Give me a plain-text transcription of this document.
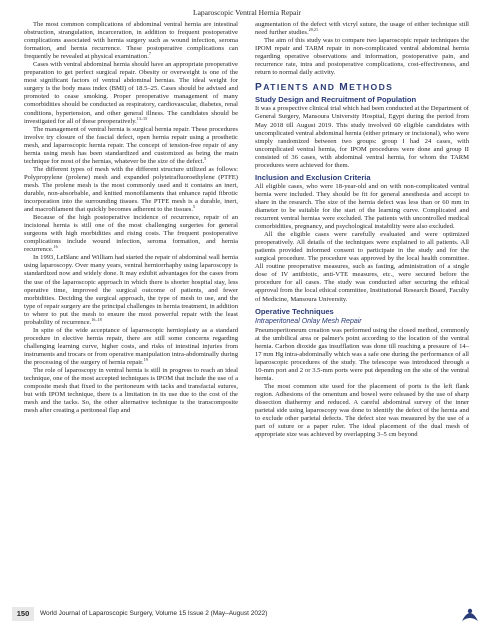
Laparoscopic Ventral Hernia Repair

The most common complications of abdominal ventral hernia are intestinal obstruction, strangulation, incarceration, in addition to frequent postoperative complications associated with hernia surgery such as wound infection, seroma formation, and hernia recurrence. These postoperative complications can frequently be revealed at physical examination.$^7$

Cases with ventral abdominal hernia should have an appropriate preoperative preparation to get perfect surgical repair. Obesity or overweight is one of the most significant factors of ventral abdominal hernias. The ideal weight for surgery is the body mass index (BMI) of 18.5–25. Cases should be advised and promoted to cease smoking. Proper preoperative management of many comorbidities should be conducted as respiratory, cardiovascular, diabetes, renal conditions, hypertension, and other general illness. The candidates should be investigated for all of these preoperatively.$^{13-15}$

The management of ventral hernia is surgical hernia repair. These procedures involve try closure of the fascial defect, open hernia repair using a prosthetic mesh, and laparoscopic hernia repair. The concept of tension-free repair of any hernia using mesh has been standardized and customized as being the main technique for most of the hernias, whatever be the size of the defect.$^5$

The different types of mesh with the different structure utilized as follows: Polypropylene (prolene) mesh and expanded polytetrafluoroethylene (PTFE) mesh. The prolene mesh is the most commonly used and it contains an inert, durable, non-absorbable, and knitted monofilaments that enhance rapid fibrotic incorporation into the surrounding tissues. The PTFE mesh is a durable, inert, and macrofilament that quickly becomes adherent to the tissues.$^5$

Because of the high postoperative incidence of recurrence, repair of an incisional hernia is still one of the most challenging surgeries for general surgeons with high morbidities and rising costs. The frequent postoperative complications include wound infection, seroma formation, and hernia recurrence.$^{16}$

In 1993, LeBlanc and William had started the repair of abdominal wall hernia using laparoscopy. Over many years, ventral herniorrhaphy using laparoscopy is standardized now and widely done. It may exhibit advantages for the cases from the use of the laparoscopic approach in which there is shorter hospital stay, less operative time, improved the surgical outcome of patients, and fewer morbidities. Deciding the surgical approach, the type of mesh to use, and the type of repair surgery are the principal challenges in hernia treatment, in addition to where to put the mesh to ensure the most powerful repair with the least probability of recurrence.$^{16-18}$

In spite of the wide acceptance of laparoscopic hernioplasty as a standard procedure in elective hernia repair, there are still some concerns regarding challenging learning curve, higher costs, and risks of intestinal injuries from instruments and trocars or from operative manipulation intra-abdominally during the processing of the surgery of hernia repair.$^{19}$

The role of laparoscopy in ventral hernia is still in progress to reach an ideal technique, one of the most accepted techniques is IPOM that include the use of a composite mesh that fixed to the peritoneum with tacks and transfacial sutures, but with IPOM technique, there is a limitation in its use due to the cost of the mesh and the tacks. So, the other alternative technique is the transcomposite mesh after creating a peritoneal flap and

augmentation of the defect with vicryl suture, the usage of either technique still need further studies.$^{20,21}$

The aim of this study was to compare two laparoscopic repair techniques the IPOM repair and TARM repair in non-complicated ventral abdominal hernia regarding operative observations and information, postoperative pain, and recurrence rate, intra and postoperative complications, cost-effectiveness, and return to normal daily activity.

PATIENTS AND METHODS
Study Design and Recruitment of Population

It was a prospective clinical trial which had been conducted at the Department of General Surgery, Mansoura University Hospital, Egypt during the period from May 2018 till August 2019. This study involved 60 eligible candidates with uncomplicated ventral abdominal hernia (either primary or incisional), who were simply randomized between two groups: group I had 24 cases, with uncomplicated ventral hernia, for IPOM procedures were done and group II consisted of 36 cases, with abdominal ventral hernia, for whom the TARM procedures were achieved for them.

Inclusion and Exclusion Criteria

All eligible cases, who were 18-year-old and on with non-complicated ventral hernia were included. They should be fit for general anesthesia and accept to share in the research. The size of the hernia defect was less than or 60 mm in diameter to be suitable for the start of the learning curve. Complicated and recurrent ventral hernias were excluded. The patients with uncontrolled medical comorbidities, pregnancy, and psychological instability were also excluded.

All the eligible cases were carefully evaluated and were optimized preoperatively. All details of the techniques were explained to all patients. All patients provided informed consent to participate in the study and for the surgical procedure. The procedure was approved by the local health committee. All routine preoperative measures, such as fasting, administration of a single dose of IV antibiotic, anti-VTE measures, etc., were secured before the procedure for all cases. The study was conducted after securing the ethical approval from the local ethical committee, Institutional Research Board, Faculty of Medicine, Mansoura University.

Operative Techniques
Intraperitoneal Onlay Mesh Repair

Pneumoperitoneum creation was performed using the closed method, commonly at the umbilical area or palmer's point according to the location of the ventral hernia. Carbon dioxide gas insufflation was done till reaching a pressure of 14–17 mm Hg intra-abdominally which was a safe one during the performance of all laparoscopic procedures of the study. The telescope was introduced through a 10-mm port and 2 or 3.5-mm ports were put depending on the site of the ventral hernia.

The most common site used for the placement of ports is the left flank region. Adhesions of the omentum and bowel were released by the use of sharp dissection diathermy and reduced. A careful abdominal survey of the inner parietal side using laparoscopy was done to identify the defect of the hernia and to exclude other parietal defects. The defect size was measured by the use of a part of suture or a paper ruler. The ideal placement of the dual mesh of appropriate size was achieved by overlapping 3–5 cm beyond

150	World Journal of Laparoscopic Surgery, Volume 15 Issue 2 (May–August 2022)
